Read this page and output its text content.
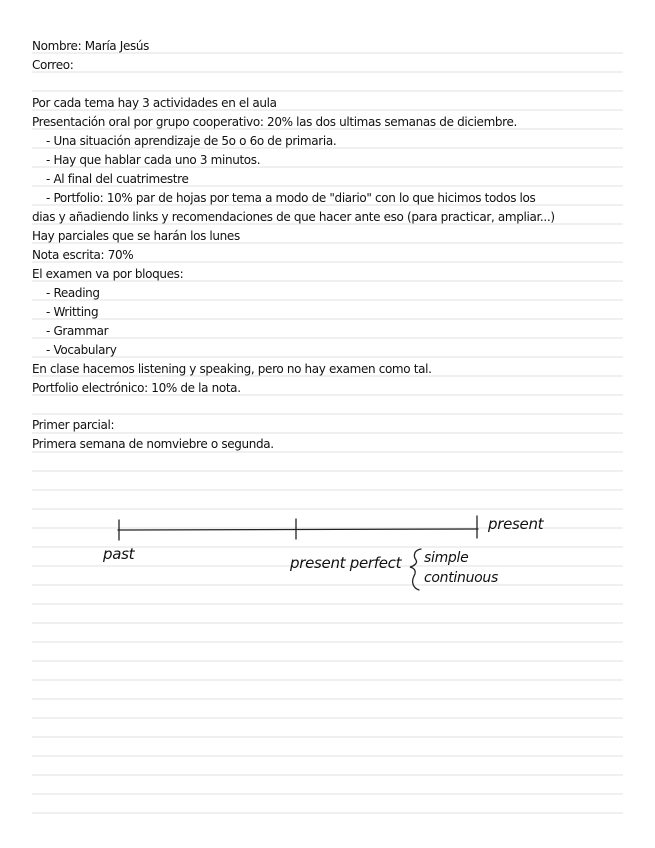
Nombre: María Jesús
Correo:
Por cada tema hay 3 actividades en el aula
Presentación oral por grupo cooperativo: 20% las dos ultimas semanas de diciembre.
- Una situación aprendizaje de 5o o 6o de primaria.
- Hay que hablar cada uno 3 minutos.
- Al final del cuatrimestre
- Portfolio: 10% par de hojas por tema a modo de "diario" con lo que hicimos todos los
dias y añadiendo links y recomendaciones de que hacer ante eso (para practicar, ampliar...)
Hay parciales que se harán los lunes
Nota escrita: 70%
El examen va por bloques:
- Reading
- Writting
- Grammar
- Vocabulary
En clase hacemos listening y speaking, pero no hay examen como tal.
Portfolio electrónico: 10% de la nota.
Primer parcial:
Primera semana de nomviebre o segunda.
past	present perfect simple
continuous
present
